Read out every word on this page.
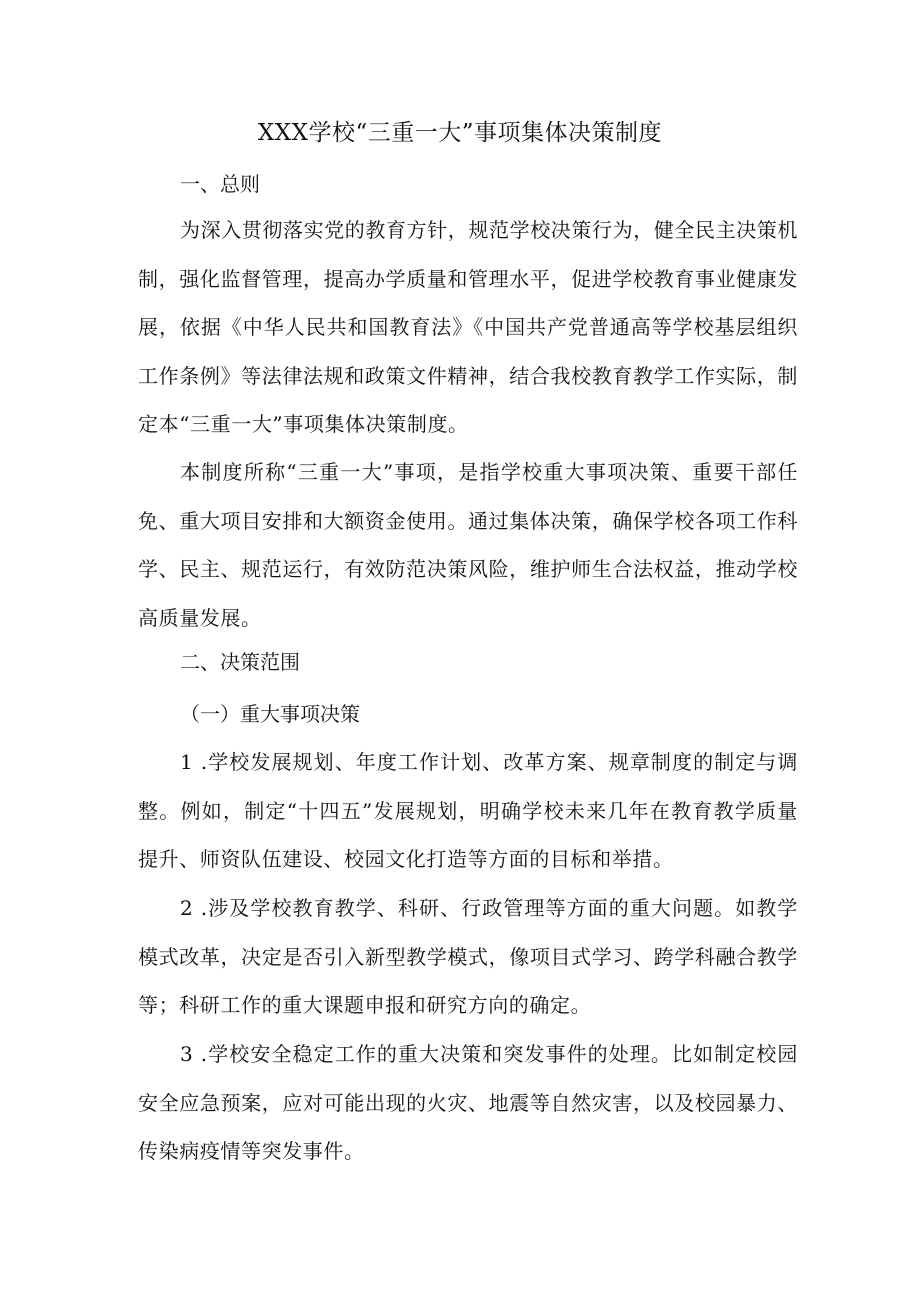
XXX学校“三重一大”事项集体决策制度
一、总则

为深入贯彻落实党的教育方针，规范学校决策行为，健全民主决策机制，强化监督管理，提高办学质量和管理水平，促进学校教育事业健康发展，依据《中华人民共和国教育法》《中国共产党普通高等学校基层组织工作条例》等法律法规和政策文件精神，结合我校教育教学工作实际，制定本“三重一大”事项集体决策制度。

本制度所称“三重一大”事项，是指学校重大事项决策、重要干部任免、重大项目安排和大额资金使用。通过集体决策，确保学校各项工作科学、民主、规范运行，有效防范决策风险，维护师生合法权益，推动学校高质量发展。

二、决策范围
（一）重大事项决策

1 .学校发展规划、年度工作计划、改革方案、规章制度的制定与调整。例如，制定“十四五”发展规划，明确学校未来几年在教育教学质量提升、师资队伍建设、校园文化打造等方面的目标和举措。

2 .涉及学校教育教学、科研、行政管理等方面的重大问题。如教学模式改革，决定是否引入新型教学模式，像项目式学习、跨学科融合教学等；科研工作的重大课题申报和研究方向的确定。

3 .学校安全稳定工作的重大决策和突发事件的处理。比如制定校园安全应急预案，应对可能出现的火灾、地震等自然灾害，以及校园暴力、传染病疫情等突发事件。
